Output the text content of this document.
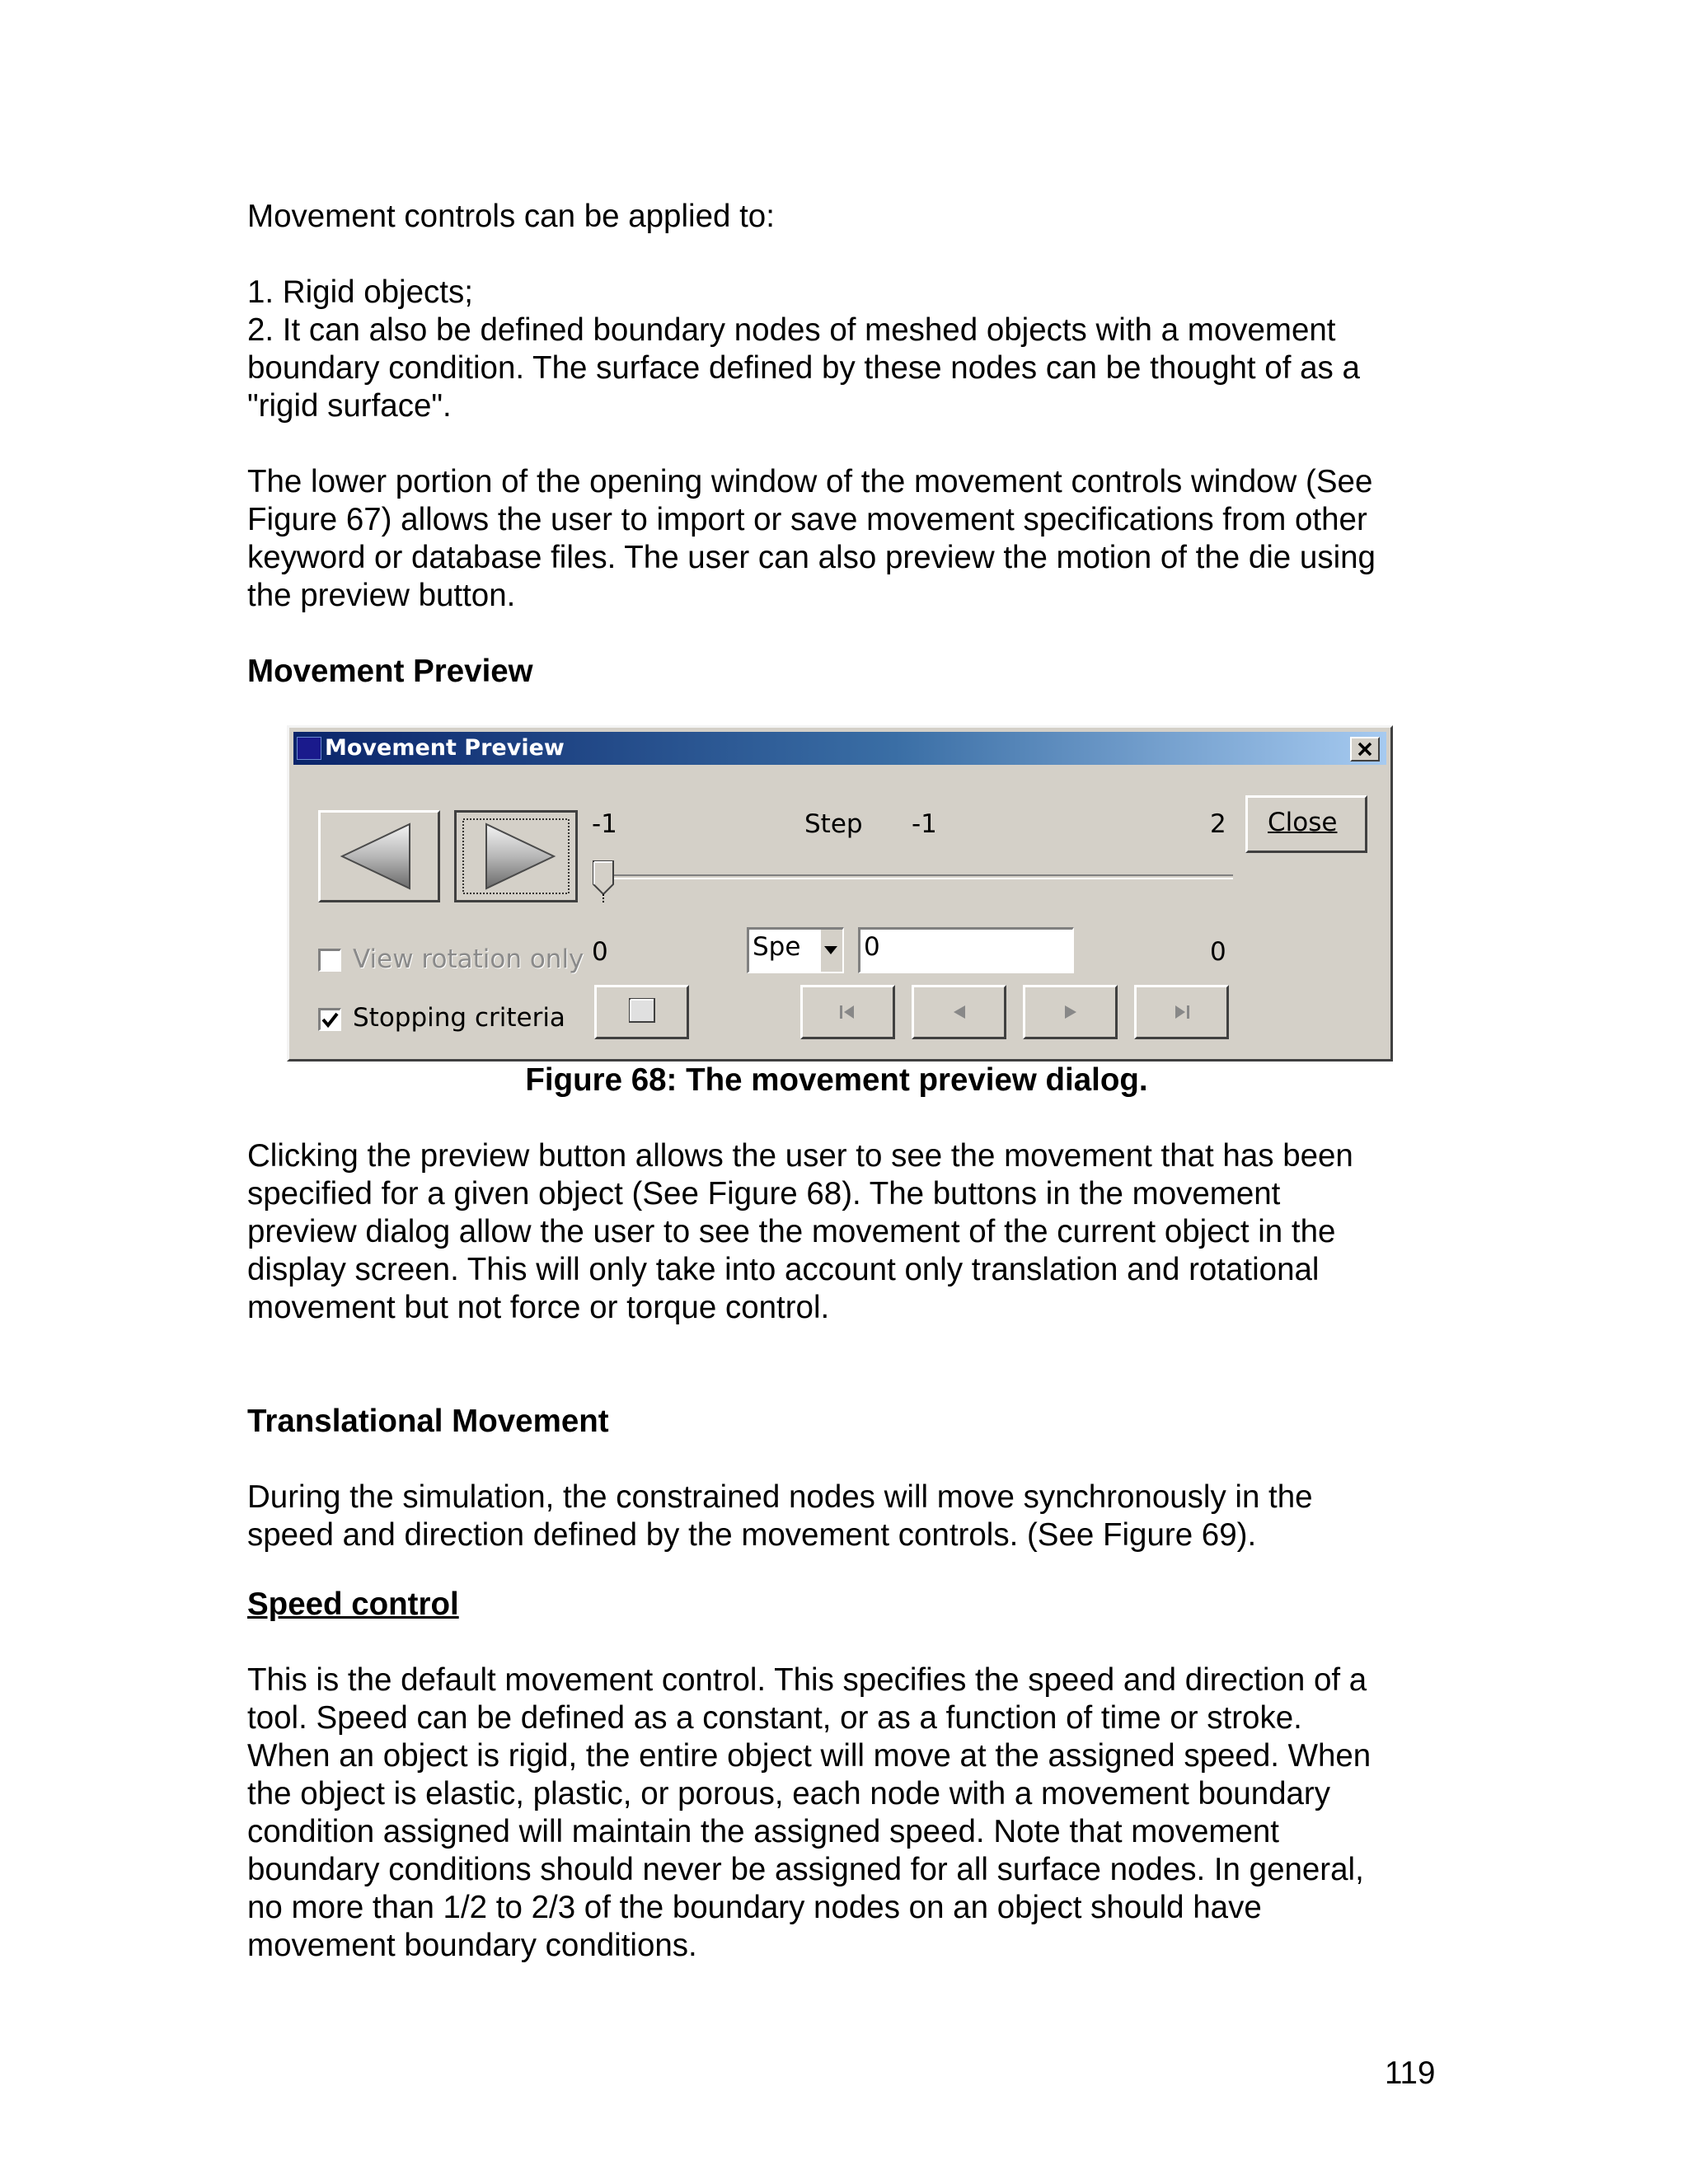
Movement controls can be applied to:

1. Rigid objects;

2. It can also be defined boundary nodes of meshed objects with a movement

boundary condition. The surface defined by these nodes can be thought of as a

"rigid surface".

The lower portion of the opening window of the movement controls window (See

Figure 67) allows the user to import or save movement specifications from other

keyword or database files. The user can also preview the motion of the die using

the preview button.

Movement Preview
Movement Preview
-1	Step -1	2 Close
View rotation only
Stopping criteria
0	0
Spe	0

Figure 68: The movement preview dialog.

Clicking the preview button allows the user to see the movement that has been

specified for a given object (See Figure 68). The buttons in the movement

preview dialog allow the user to see the movement of the current object in the

display screen. This will only take into account only translation and rotational

movement but not force or torque control.

Translational Movement

During the simulation, the constrained nodes will move synchronously in the

speed and direction defined by the movement controls. (See Figure 69).

Speed control

This is the default movement control. This specifies the speed and direction of a

tool. Speed can be defined as a constant, or as a function of time or stroke.

When an object is rigid, the entire object will move at the assigned speed. When

the object is elastic, plastic, or porous, each node with a movement boundary

condition assigned will maintain the assigned speed. Note that movement

boundary conditions should never be assigned for all surface nodes. In general,

no more than 1/2 to 2/3 of the boundary nodes on an object should have

movement boundary conditions.

119
